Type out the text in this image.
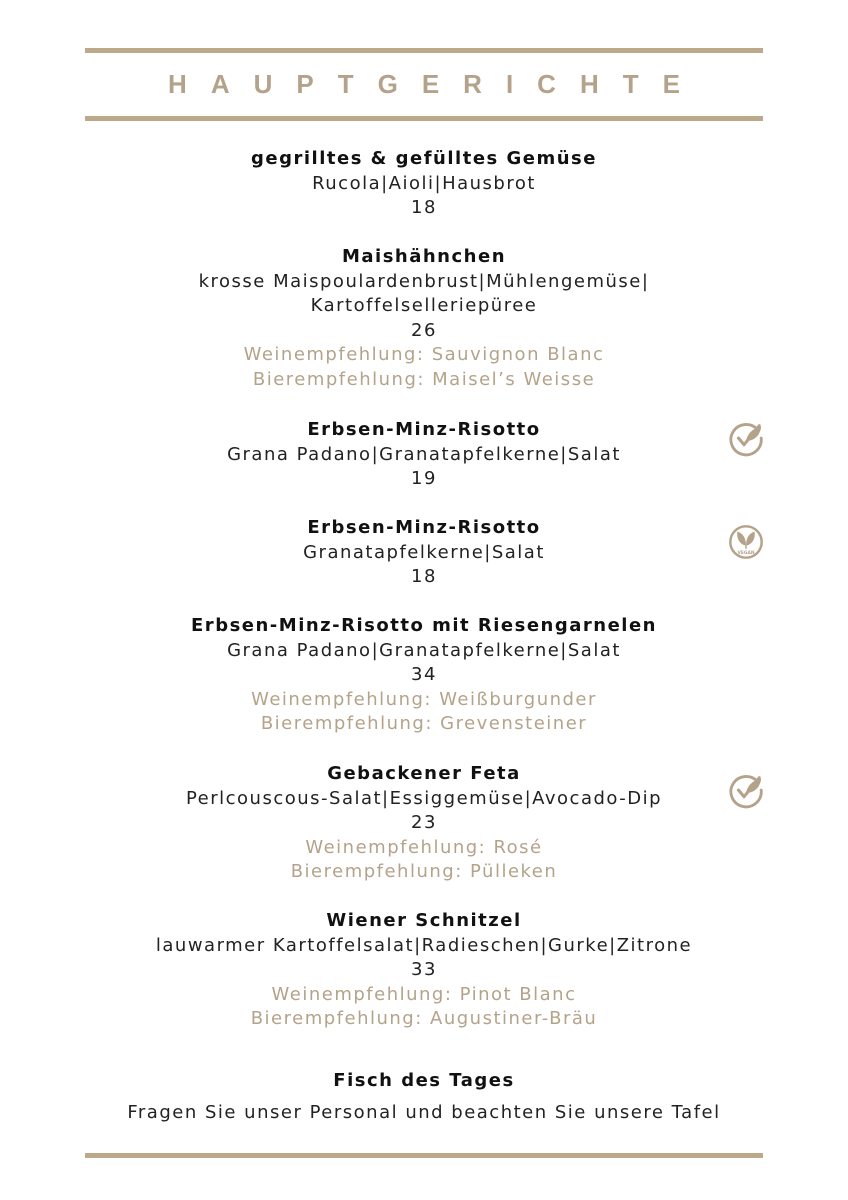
HAUPTGERICHTE
gegrilltes & gefülltes Gemüse
Rucola|Aioli|Hausbrot
18
Maishähnchen
krosse Maispoulardenbrust|Mühlengemüse|
Kartoffelselleriepüree
26
Weinempfehlung: Sauvignon Blanc
Bierempfehlung: Maisel’s Weisse
Erbsen-Minz-Risotto
Grana Padano|Granatapfelkerne|Salat
19
Erbsen-Minz-Risotto
Granatapfelkerne|Salat
18
VEGAN
Erbsen-Minz-Risotto mit Riesengarnelen
Grana Padano|Granatapfelkerne|Salat
34
Weinempfehlung: Weißburgunder
Bierempfehlung: Grevensteiner
Gebackener Feta
Perlcouscous-Salat|Essiggemüse|Avocado-Dip
23
Weinempfehlung: Rosé
Bierempfehlung: Pülleken
Wiener Schnitzel
lauwarmer Kartoffelsalat|Radieschen|Gurke|Zitrone
33
Weinempfehlung: Pinot Blanc
Bierempfehlung: Augustiner-Bräu
Fisch des Tages
Fragen Sie unser Personal und beachten Sie unsere Tafel
